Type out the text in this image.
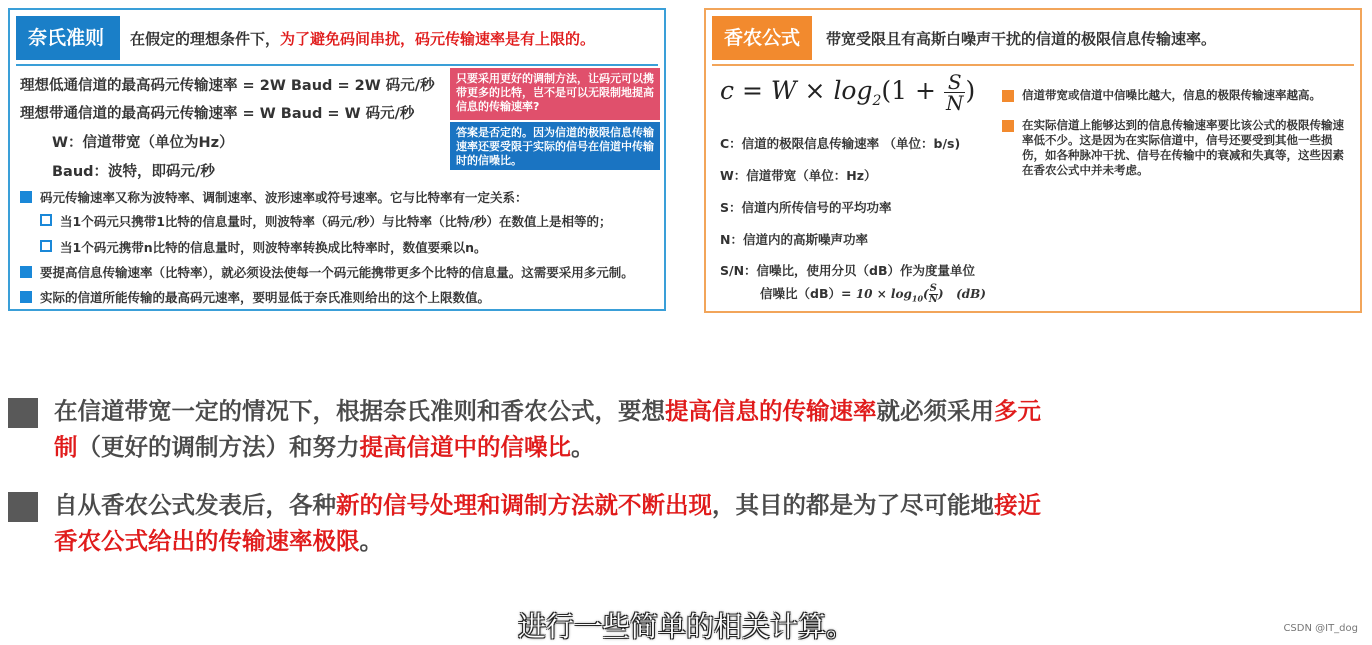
奈氏准则	在假定的理想条件下，为了避免码间串扰，码元传输速率是有上限的。
理想低通信道的最高码元传输速率 = 2W Baud = 2W 码元/秒
理想带通信道的最高码元传输速率 = W Baud = W 码元/秒
W：信道带宽（单位为Hz）
Baud：波特，即码元/秒
只要采用更好的调制方法，让码元可以携带更多的比特，岂不是可以无限制地提高信息的传输速率?
答案是否定的。因为信道的极限信息传输速率还要受限于实际的信号在信道中传输时的信噪比。
码元传输速率又称为波特率、调制速率、波形速率或符号速率。它与比特率有一定关系：
当1个码元只携带1比特的信息量时，则波特率（码元/秒）与比特率（比特/秒）在数值上是相等的；
当1个码元携带n比特的信息量时，则波特率转换成比特率时，数值要乘以n。
要提高信息传输速率（比特率），就必须设法使每一个码元能携带更多个比特的信息量。这需要采用多元制。
实际的信道所能传输的最高码元速率，要明显低于奈氏准则给出的这个上限数值。
香农公式	带宽受限且有高斯白噪声干扰的信道的极限信息传输速率。
$c = W \times \log_2(1 + \frac{S}{N}$ )
C：信道的极限信息传输速率 （单位：b/s)
W：信道带宽（单位：Hz）
S：信道内所传信号的平均功率
N：信道内的高斯噪声功率
S/N：信噪比，使用分贝（dB）作为度量单位
信噪比$(dB)= 10 \times \log_{10}( \frac{S}{N})$   (dB)
信道带宽或信道中信噪比越大，信息的极限传输速率越高。
在实际信道上能够达到的信息传输速率要比该公式的极限传输速率低不少。这是因为在实际信道中，信号还要受到其他一些损伤，如各种脉冲干扰、信号在传输中的衰减和失真等，这些因素在香农公式中并未考虑。
在信道带宽一定的情况下，根据奈氏准则和香农公式，要想提高信息的传输速率就必须采用多元制（更好的调制方法）和努力提高信道中的信噪比。
自从香农公式发表后，各种新的信号处理和调制方法就不断出现，其目的都是为了尽可能地接近香农公式给出的传输速率极限。
进行一些简单的相关计算。	CSDN @IT_dog
